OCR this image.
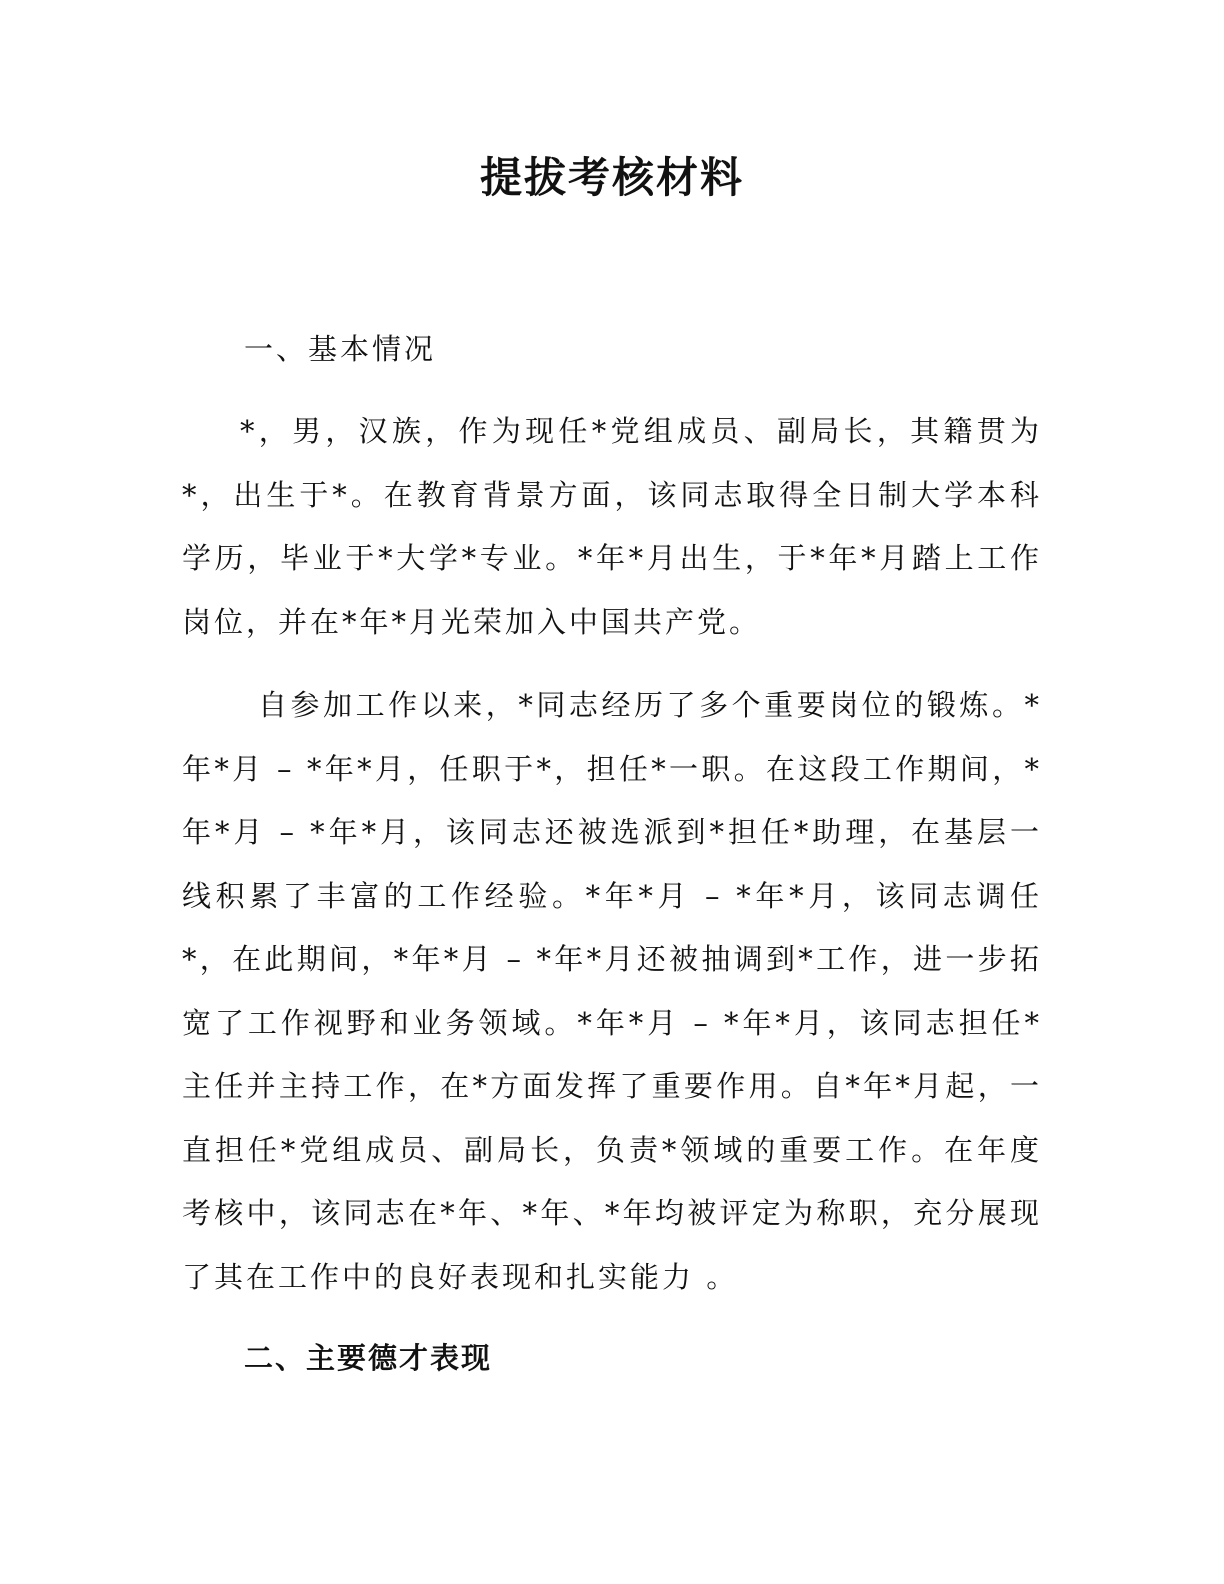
提拔考核材料

一、基本情况

*，男，汉族，作为现任*党组成员、副局长，其籍贯为*，出生于*。在教育背景方面，该同志取得全日制大学本科学历，毕业于*大学*专业。*年*月出生，于*年*月踏上工作岗位，并在*年*月光荣加入中国共产党。

自参加工作以来，*同志经历了多个重要岗位的锻炼。*年*月 – *年*月，任职于*，担任*一职。在这段工作期间，*年*月 – *年*月，该同志还被选派到*担任*助理，在基层一线积累了丰富的工作经验。*年*月 – *年*月，该同志调任*，在此期间，*年*月 – *年*月还被抽调到*工作，进一步拓宽了工作视野和业务领域。*年*月 – *年*月，该同志担任*主任并主持工作，在*方面发挥了重要作用。自*年*月起，一直担任*党组成员、副局长，负责*领域的重要工作。在年度考核中，该同志在*年、*年、*年均被评定为称职，充分展现了其在工作中的良好表现和扎实能力 。

二、主要德才表现
